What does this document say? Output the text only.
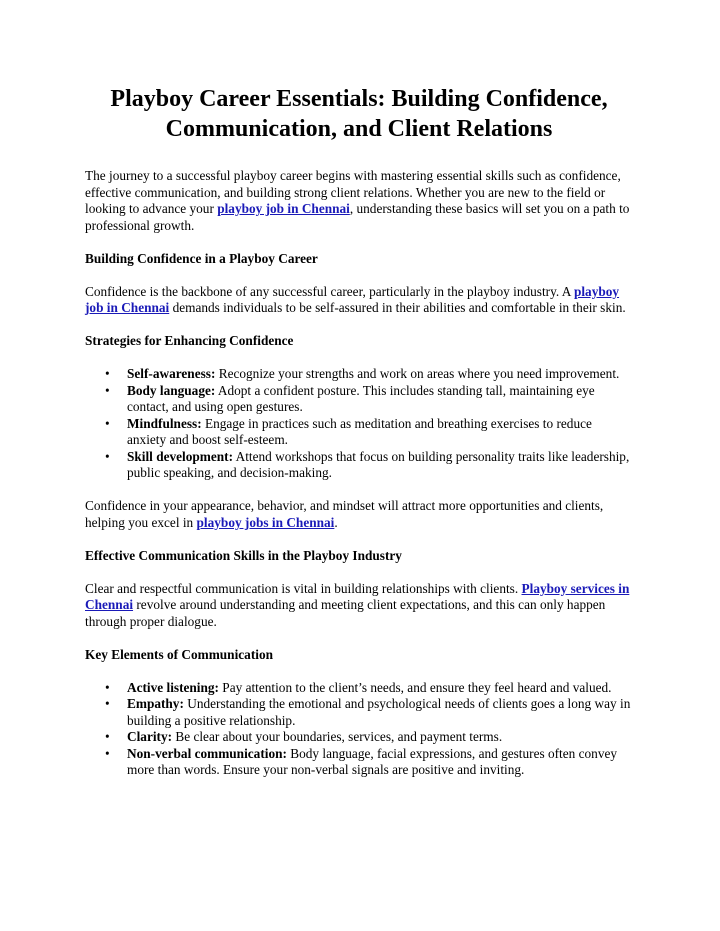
Playboy Career Essentials: Building Confidence, Communication, and Client Relations

The journey to a successful playboy career begins with mastering essential skills such as confidence, effective communication, and building strong client relations. Whether you are new to the field or looking to advance your playboy job in Chennai, understanding these basics will set you on a path to professional growth.

Building Confidence in a Playboy Career

Confidence is the backbone of any successful career, particularly in the playboy industry. A playboy job in Chennai demands individuals to be self-assured in their abilities and comfortable in their skin.

Strategies for Enhancing Confidence

• Self-awareness: Recognize your strengths and work on areas where you need improvement.
• Body language: Adopt a confident posture. This includes standing tall, maintaining eye contact, and using open gestures.
• Mindfulness: Engage in practices such as meditation and breathing exercises to reduce anxiety and boost self-esteem.
• Skill development: Attend workshops that focus on building personality traits like leadership, public speaking, and decision-making.

Confidence in your appearance, behavior, and mindset will attract more opportunities and clients, helping you excel in playboy jobs in Chennai.

Effective Communication Skills in the Playboy Industry

Clear and respectful communication is vital in building relationships with clients. Playboy services in Chennai revolve around understanding and meeting client expectations, and this can only happen through proper dialogue.

Key Elements of Communication

• Active listening: Pay attention to the client’s needs, and ensure they feel heard and valued.
• Empathy: Understanding the emotional and psychological needs of clients goes a long way in building a positive relationship.
• Clarity: Be clear about your boundaries, services, and payment terms.
• Non-verbal communication: Body language, facial expressions, and gestures often convey more than words. Ensure your non-verbal signals are positive and inviting.
